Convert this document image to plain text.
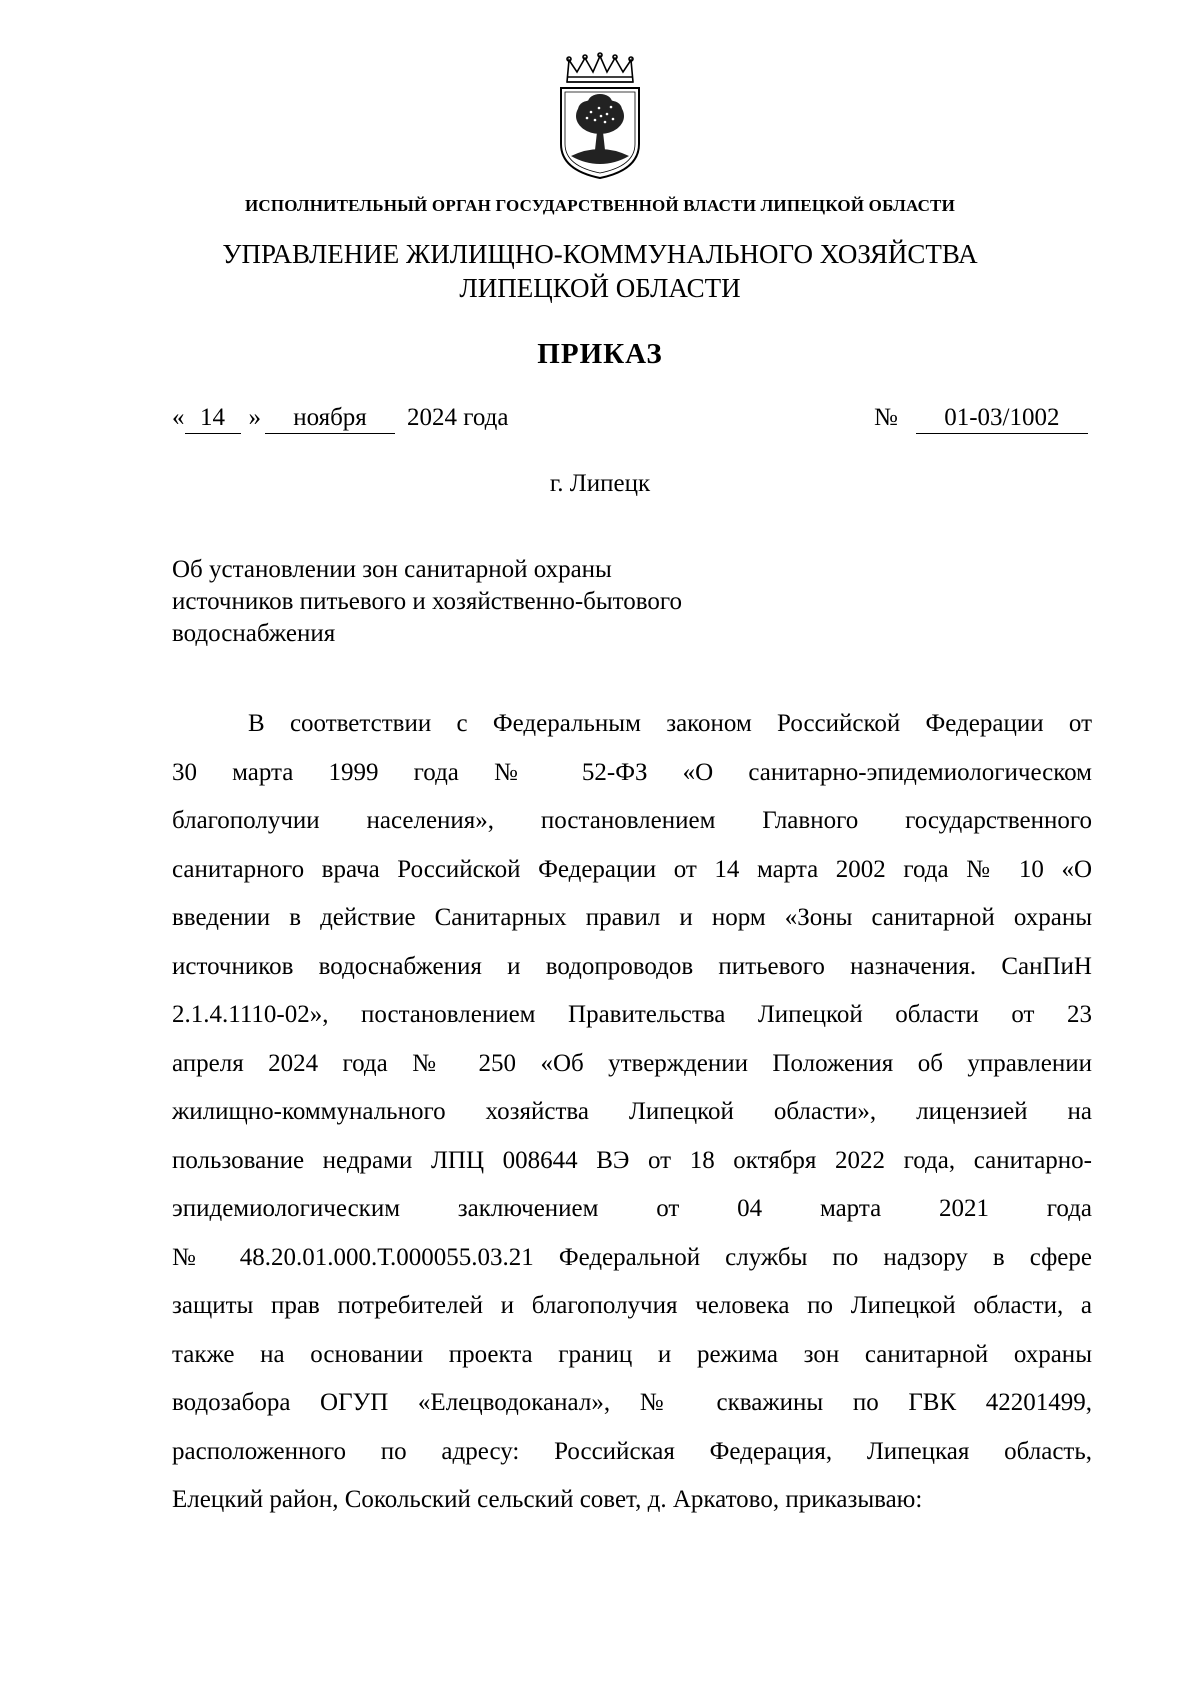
ИСПОЛНИТЕЛЬНЫЙ ОРГАН ГОСУДАРСТВЕННОЙ ВЛАСТИ ЛИПЕЦКОЙ ОБЛАСТИ
УПРАВЛЕНИЕ ЖИЛИЩНО-КОММУНАЛЬНОГО ХОЗЯЙСТВА
ЛИПЕЦКОЙ ОБЛАСТИ
ПРИКАЗ
« 14 » ноября 2024 года	№ 01-03/1002
г. Липецк
Об установлении зон санитарной охраны
источников питьевого и хозяйственно-бытового
водоснабжения
В соответствии с Федеральным законом Российской Федерации от
30 марта 1999 года № 52-ФЗ «О санитарно-эпидемиологическом
благополучии населения», постановлением Главного государственного
санитарного врача Российской Федерации от 14 марта 2002 года № 10 «О
введении в действие Санитарных правил и норм «Зоны санитарной охраны
источников водоснабжения и водопроводов питьевого назначения. СанПиН
2.1.4.1110-02», постановлением Правительства Липецкой области от 23
апреля 2024 года № 250 «Об утверждении Положения об управлении
жилищно-коммунального хозяйства Липецкой области», лицензией на
пользование недрами ЛПЦ 008644 ВЭ от 18 октября 2022 года, санитарно-
эпидемиологическим заключением от 04 марта 2021 года
№ 48.20.01.000.Т.000055.03.21 Федеральной службы по надзору в сфере
защиты прав потребителей и благополучия человека по Липецкой области, а
также на основании проекта границ и режима зон санитарной охраны
водозабора ОГУП «Елецводоканал», № скважины по ГВК 42201499,
расположенного по адресу: Российская Федерация, Липецкая область,
Елецкий район, Сокольский сельский совет, д. Аркатово, приказываю:
